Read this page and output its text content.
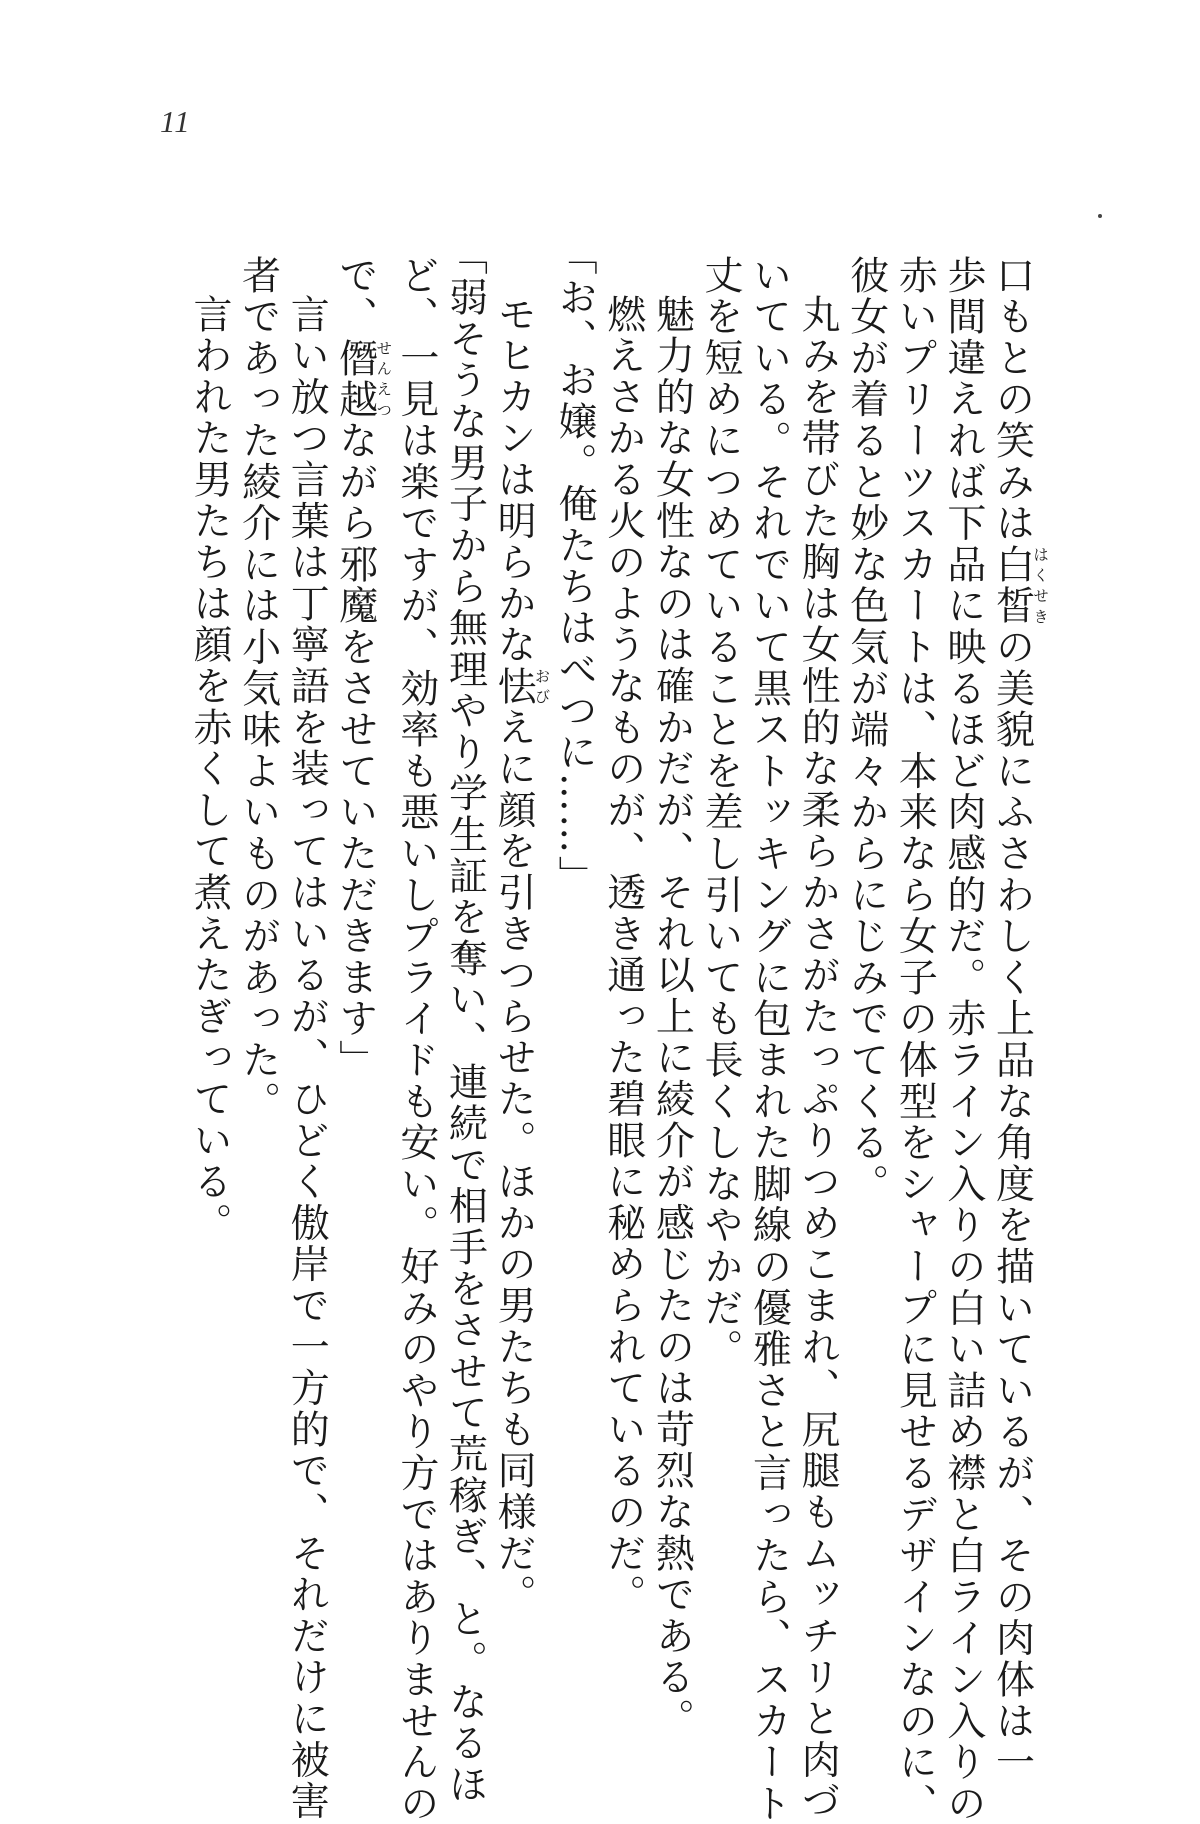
11
口もとの笑みは白皙はくせきの美貌にふさわしく上品な角度を描いているが、その肉体は一
歩間違えれば下品に映るほど肉感的だ。赤ライン入りの白い詰め襟と白ライン入りの
赤いプリーツスカートは、本来なら女子の体型をシャープに見せるデザインなのに、
彼女が着ると妙な色気が端々からにじみでてくる。
丸みを帯びた胸は女性的な柔らかさがたっぷりつめこまれ、尻腿もムッチリと肉づ
いている。それでいて黒ストッキングに包まれた脚線の優雅さと言ったら、スカート
丈を短めにつめていることを差し引いても長くしなやかだ。
魅力的な女性なのは確かだが、それ以上に綾介が感じたのは苛烈な熱である。
燃えさかる火のようなものが、透き通った碧眼に秘められているのだ。
「お、お嬢。俺たちはべつに……」
モヒカンは明らかな怯おびえに顔を引きつらせた。ほかの男たちも同様だ。
「弱そうな男子から無理やり学生証を奪い、連続で相手をさせて荒稼ぎ、と。なるほ
ど、一見は楽ですが、効率も悪いしプライドも安い。好みのやり方ではありませんの
で、僭越せんえつながら邪魔をさせていただきます」
言い放つ言葉は丁寧語を装ってはいるが、ひどく傲岸で一方的で、それだけに被害
者であった綾介には小気味よいものがあった。
言われた男たちは顔を赤くして煮えたぎっている。
